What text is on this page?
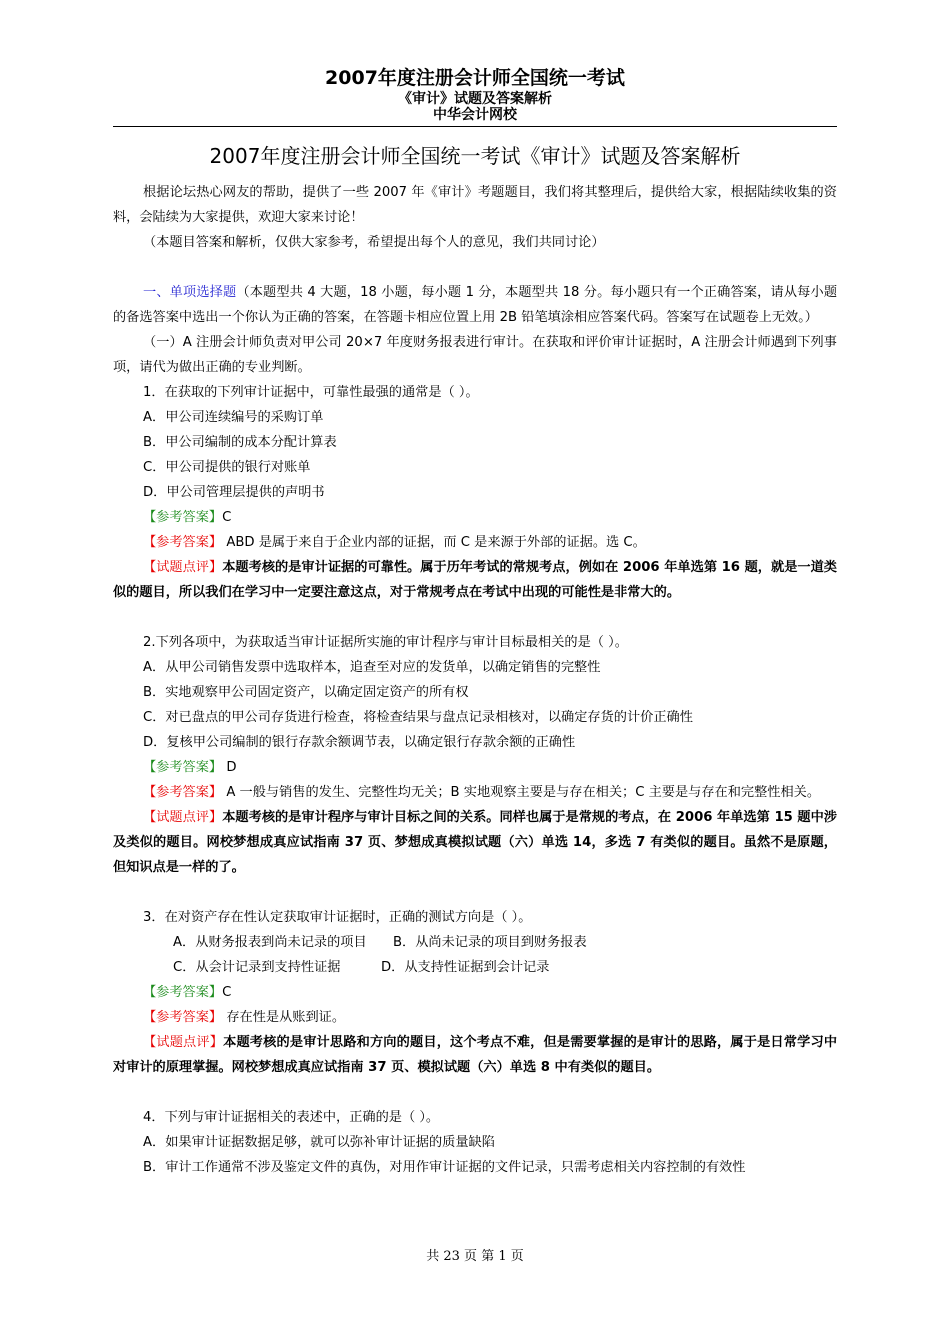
2007年度注册会计师全国统一考试
《审计》试题及答案解析
中华会计网校
2007年度注册会计师全国统一考试《审计》试题及答案解析

根据论坛热心网友的帮助，提供了一些 2007 年《审计》考题题目，我们将其整理后，提供给大家，根据陆续收集的资料，会陆续为大家提供，欢迎大家来讨论！

（本题目答案和解析，仅供大家参考，希望提出每个人的意见，我们共同讨论）

一、单项选择题（本题型共 4 大题，18 小题，每小题 1 分，本题型共 18 分。每小题只有一个正确答案，请从每小题的备选答案中选出一个你认为正确的答案，在答题卡相应位置上用 2B 铅笔填涂相应答案代码。答案写在试题卷上无效。）

（一）A 注册会计师负责对甲公司 20×7 年度财务报表进行审计。在获取和评价审计证据时，A 注册会计师遇到下列事项，请代为做出正确的专业判断。

1．在获取的下列审计证据中，可靠性最强的通常是（ ）。

A．甲公司连续编号的采购订单

B．甲公司编制的成本分配计算表

C．甲公司提供的银行对账单

D．甲公司管理层提供的声明书

【参考答案】C

【参考答案】 ABD 是属于来自于企业内部的证据，而 C 是来源于外部的证据。选 C。

【试题点评】本题考核的是审计证据的可靠性。属于历年考试的常规考点，例如在 2006 年单选第 16 题，就是一道类似的题目，所以我们在学习中一定要注意这点，对于常规考点在考试中出现的可能性是非常大的。

2.下列各项中，为获取适当审计证据所实施的审计程序与审计目标最相关的是（ ）。

A．从甲公司销售发票中选取样本，追查至对应的发货单，以确定销售的完整性

B．实地观察甲公司固定资产，以确定固定资产的所有权

C．对已盘点的甲公司存货进行检查，将检查结果与盘点记录相核对，以确定存货的计价正确性

D．复核甲公司编制的银行存款余额调节表，以确定银行存款余额的正确性

【参考答案】 D

【参考答案】 A 一般与销售的发生、完整性均无关；B 实地观察主要是与存在相关；C 主要是与存在和完整性相关。

【试题点评】本题考核的是审计程序与审计目标之间的关系。同样也属于是常规的考点，在 2006 年单选第 15 题中涉及类似的题目。网校梦想成真应试指南 37 页、梦想成真模拟试题（六）单选 14，多选 7 有类似的题目。虽然不是原题，但知识点是一样的了。

3．在对资产存在性认定获取审计证据时，正确的测试方向是（ ）。

A．从财务报表到尚未记录的项目 B．从尚未记录的项目到财务报表

C．从会计记录到支持性证据	D．从支持性证据到会计记录

【参考答案】C

【参考答案】 存在性是从账到证。

【试题点评】本题考核的是审计思路和方向的题目，这个考点不难，但是需要掌握的是审计的思路，属于是日常学习中对审计的原理掌握。网校梦想成真应试指南 37 页、模拟试题（六）单选 8 中有类似的题目。

4．下列与审计证据相关的表述中，正确的是（ ）。

A．如果审计证据数据足够，就可以弥补审计证据的质量缺陷

B．审计工作通常不涉及鉴定文件的真伪，对用作审计证据的文件记录，只需考虑相关内容控制的有效性

共 23 页 第 1 页
